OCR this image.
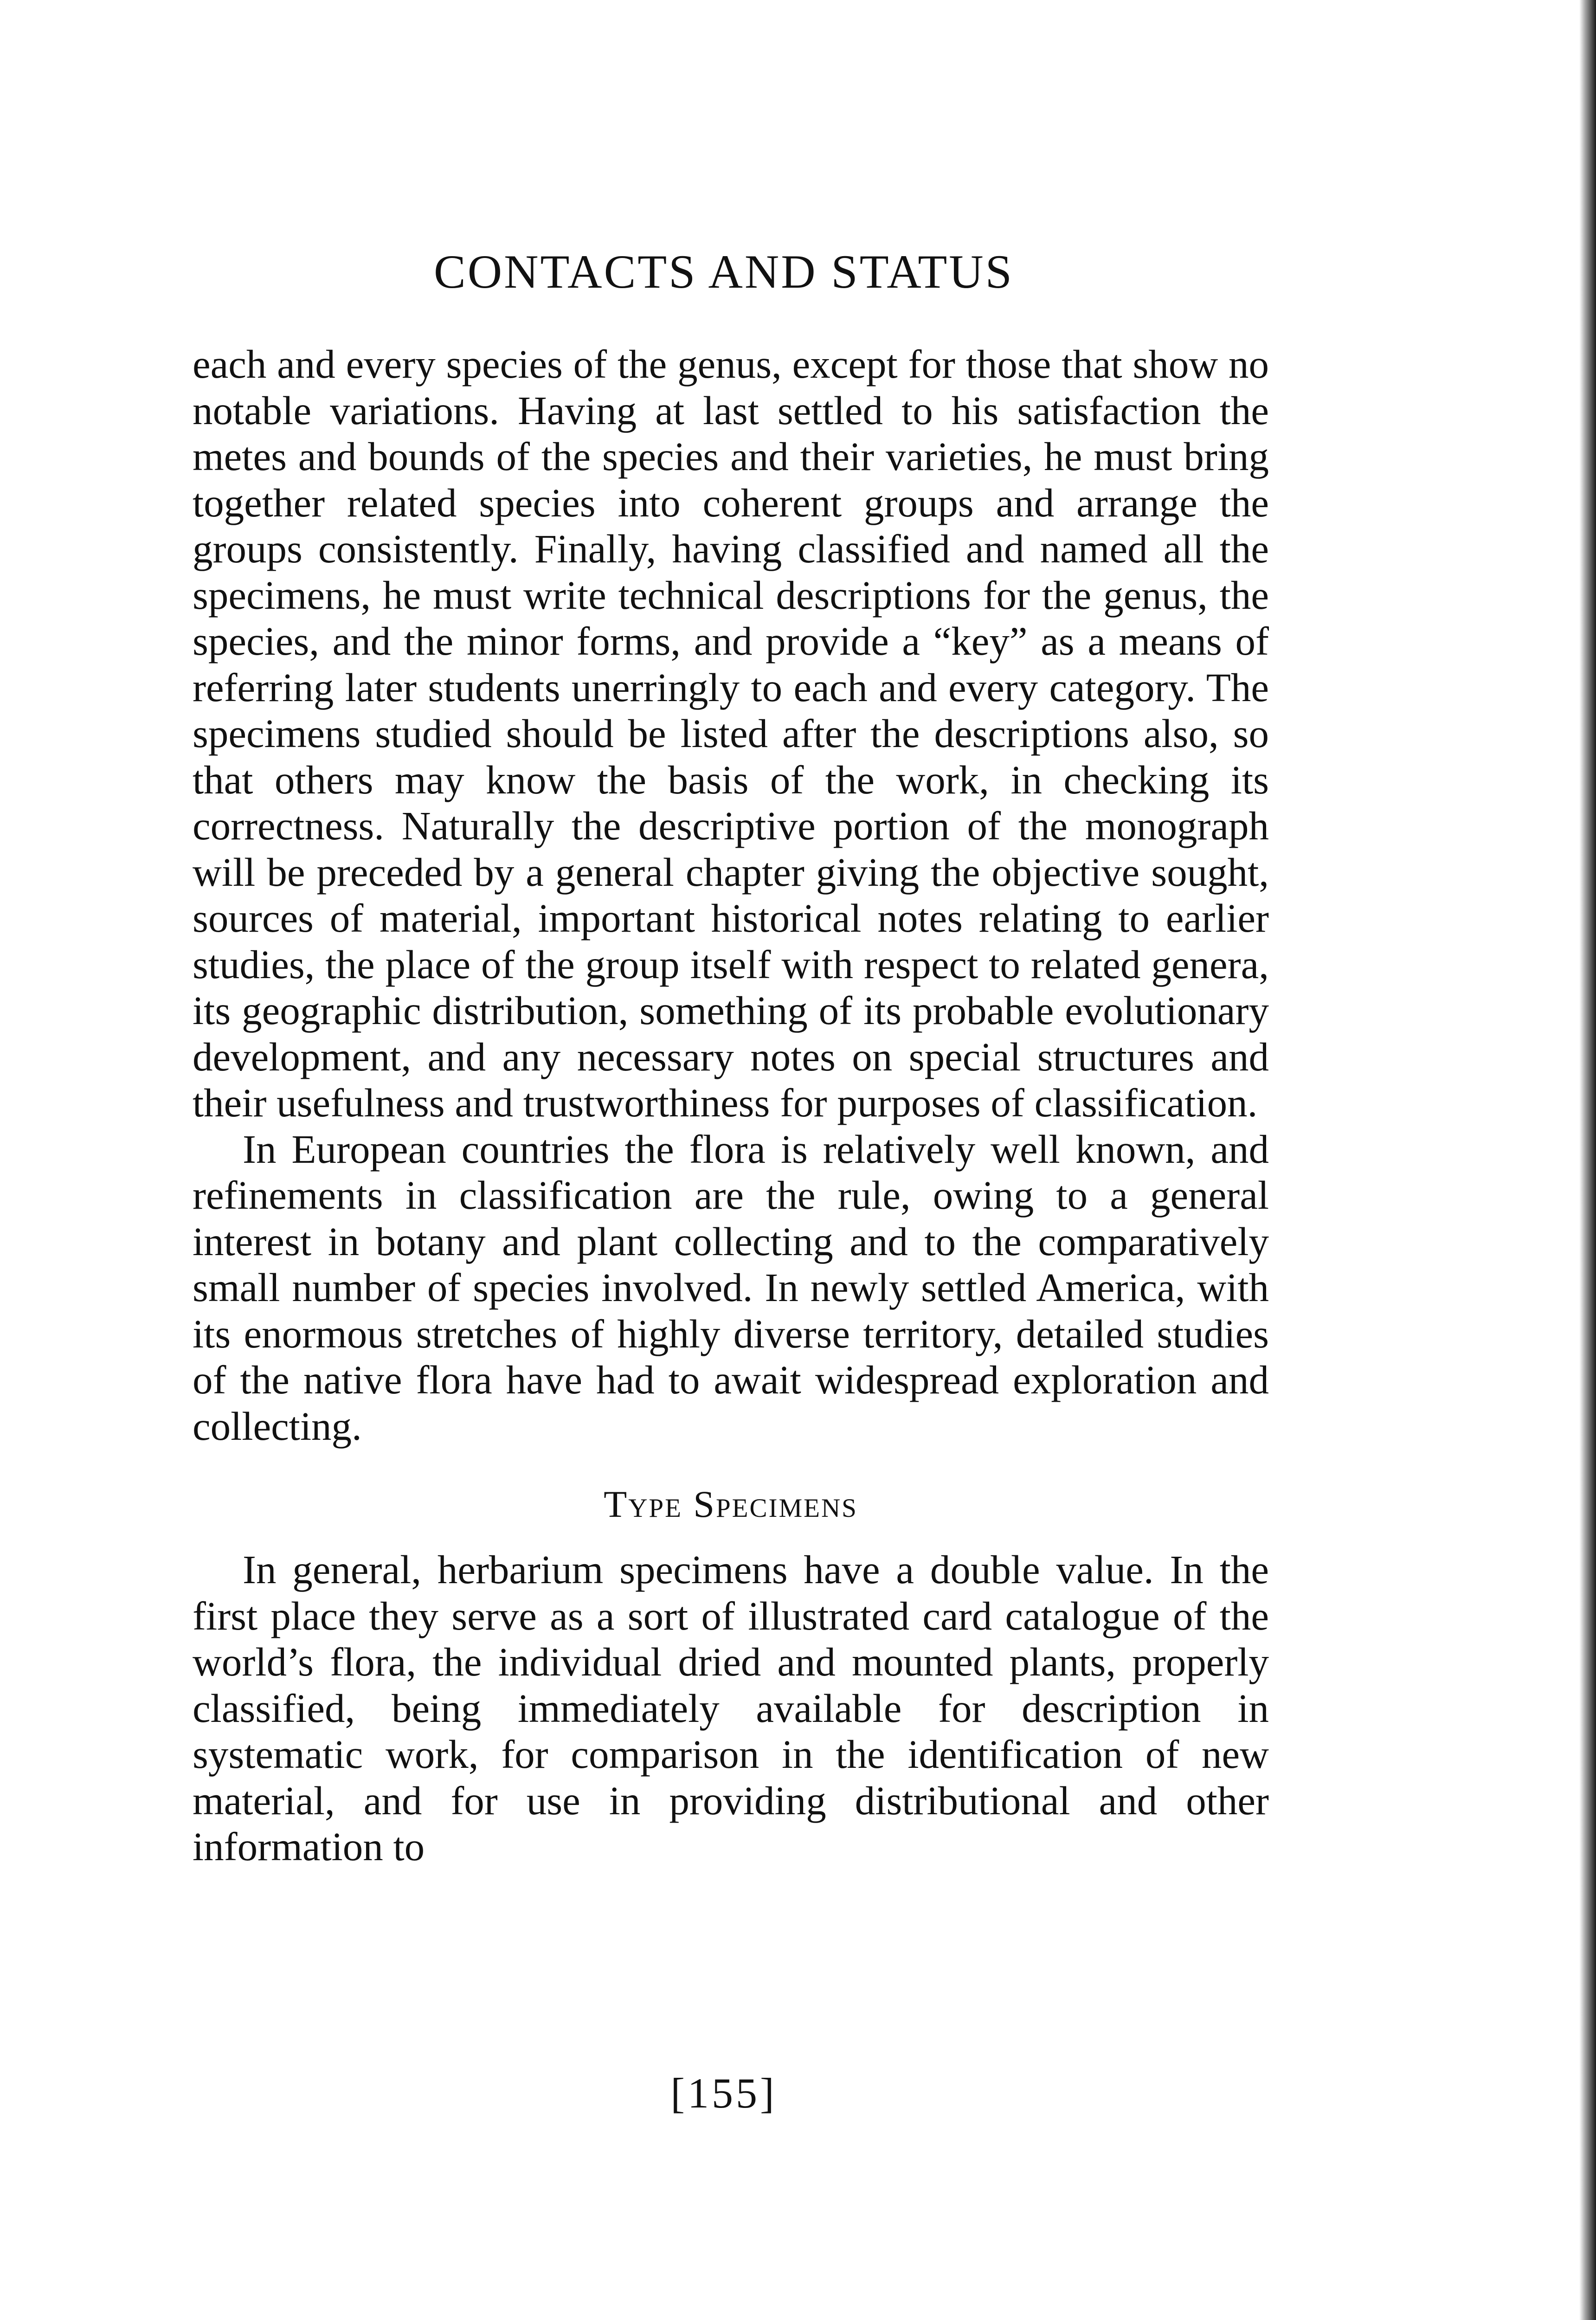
CONTACTS AND STATUS

each and every species of the genus, except for those that show no notable variations. Having at last settled to his satisfaction the metes and bounds of the species and their varieties, he must bring together related species into coherent groups and arrange the groups consistently. Finally, having classified and named all the specimens, he must write technical descriptions for the genus, the species, and the minor forms, and provide a “key” as a means of referring later students unerringly to each and every category. The specimens studied should be listed after the descriptions also, so that others may know the basis of the work, in checking its correctness. Naturally the descriptive portion of the monograph will be preceded by a general chapter giving the objective sought, sources of material, important historical notes relating to earlier studies, the place of the group itself with respect to related genera, its geographic distribution, something of its probable evolutionary development, and any necessary notes on special structures and their usefulness and trustworthiness for purposes of classification.

In European countries the flora is relatively well known, and refinements in classification are the rule, owing to a general interest in botany and plant collecting and to the comparatively small number of species involved. In newly settled America, with its enormous stretches of highly diverse territory, detailed studies of the native flora have had to await widespread exploration and collecting.

Type Specimens

In general, herbarium specimens have a double value. In the first place they serve as a sort of illustrated card catalogue of the world’s flora, the individual dried and mounted plants, properly classified, being immediately available for description in systematic work, for comparison in the identification of new material, and for use in providing distributional and other information to

[155]
